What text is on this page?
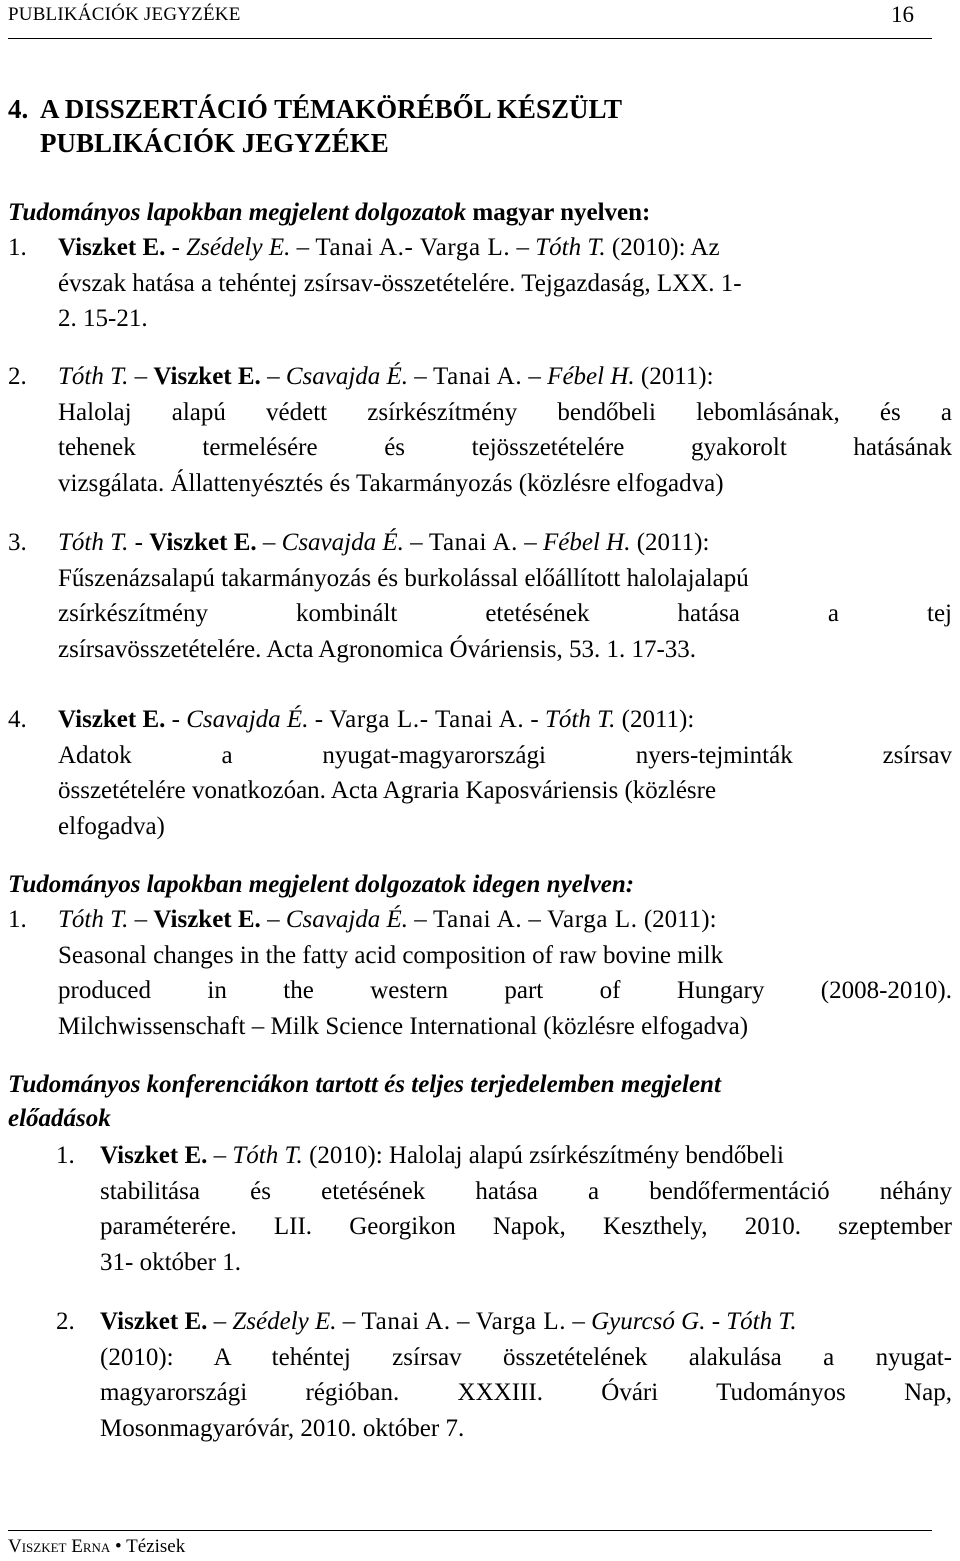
PUBLIKÁCIÓK JEGYZÉKE	16
4. A DISSZERTÁCIÓ TÉMAKÖRÉBŐL KÉSZÜLT
PUBLIKÁCIÓK JEGYZÉKE
Tudományos lapokban megjelent dolgozatok magyar nyelven:
1. Viszket E. - Zsédely E. – Tanai A.- Varga L. – Tóth T. (2010): Az
évszak hatása a tehéntej zsírsav-összetételére. Tejgazdaság, LXX. 1-
2. 15-21.
2. Tóth T. – Viszket E. – Csavajda É. – Tanai A. – Fébel H. (2011):
Halolaj alapú védett zsírkészítmény bendőbeli lebomlásának, és a
tehenek termelésére és tejösszetételére gyakorolt hatásának
vizsgálata. Állattenyésztés és Takarmányozás (közlésre elfogadva)
3. Tóth T. - Viszket E. – Csavajda É. – Tanai A. – Fébel H. (2011):
Fűszenázsalapú takarmányozás és burkolással előállított halolajalapú
zsírkészítmény kombinált etetésének hatása a tej
zsírsavösszetételére. Acta Agronomica Óváriensis, 53. 1. 17-33.
4. Viszket E. - Csavajda É. - Varga L.- Tanai A. - Tóth T. (2011):
Adatok a nyugat-magyarországi nyers-tejminták zsírsav
összetételére vonatkozóan. Acta Agraria Kaposváriensis (közlésre
elfogadva)
Tudományos lapokban megjelent dolgozatok idegen nyelven:
1. Tóth T. – Viszket E. – Csavajda É. – Tanai A. – Varga L. (2011):
Seasonal changes in the fatty acid composition of raw bovine milk
produced in the western part of Hungary (2008-2010).
Milchwissenschaft – Milk Science International (közlésre elfogadva)
Tudományos konferenciákon tartott és teljes terjedelemben megjelent
előadások
1. Viszket E. – Tóth T. (2010): Halolaj alapú zsírkészítmény bendőbeli
stabilitása és etetésének hatása a bendőfermentáció néhány
paraméterére. LII. Georgikon Napok, Keszthely, 2010. szeptember
31- október 1.
2. Viszket E. – Zsédely E. – Tanai A. – Varga L. – Gyurcsó G. - Tóth T.
(2010): A tehéntej zsírsav összetételének alakulása a nyugat-
magyarországi régióban. XXXIII. Óvári Tudományos Nap,
Mosonmagyaróvár, 2010. október 7.
Viszket Erna • Tézisek
